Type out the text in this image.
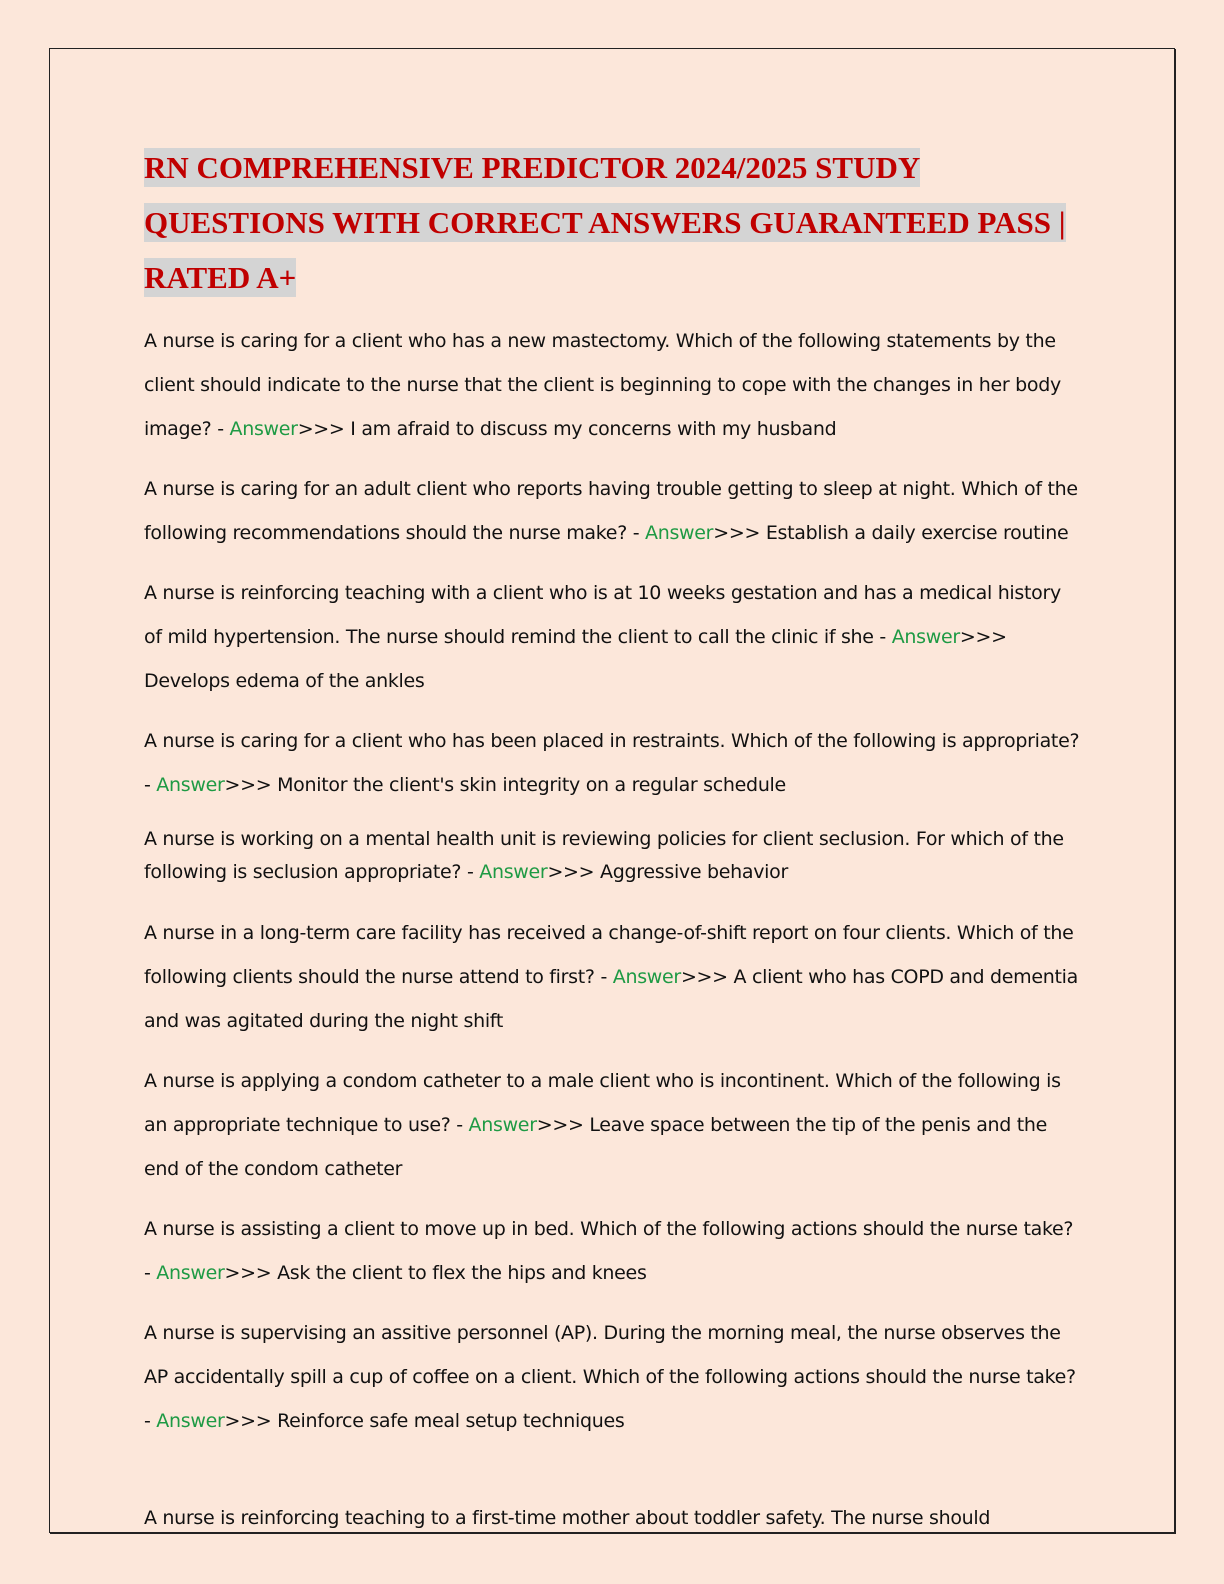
RN COMPREHENSIVE PREDICTOR 2024/2025 STUDY QUESTIONS WITH CORRECT ANSWERS GUARANTEED PASS | RATED A+

A nurse is caring for a client who has a new mastectomy. Which of the following statements by the client should indicate to the nurse that the client is beginning to cope with the changes in her body image? - Answer>>> I am afraid to discuss my concerns with my husband

A nurse is caring for an adult client who reports having trouble getting to sleep at night. Which of the following recommendations should the nurse make? - Answer>>> Establish a daily exercise routine

A nurse is reinforcing teaching with a client who is at 10 weeks gestation and has a medical history of mild hypertension. The nurse should remind the client to call the clinic if she - Answer>>> Develops edema of the ankles

A nurse is caring for a client who has been placed in restraints. Which of the following is appropriate? - Answer>>> Monitor the client's skin integrity on a regular schedule

A nurse is working on a mental health unit is reviewing policies for client seclusion. For which of the following is seclusion appropriate? - Answer>>> Aggressive behavior

A nurse in a long-term care facility has received a change-of-shift report on four clients. Which of the following clients should the nurse attend to first? - Answer>>> A client who has COPD and dementia and was agitated during the night shift

A nurse is applying a condom catheter to a male client who is incontinent. Which of the following is an appropriate technique to use? - Answer>>> Leave space between the tip of the penis and the end of the condom catheter

A nurse is assisting a client to move up in bed. Which of the following actions should the nurse take? - Answer>>> Ask the client to flex the hips and knees

A nurse is supervising an assitive personnel (AP). During the morning meal, the nurse observes the AP accidentally spill a cup of coffee on a client. Which of the following actions should the nurse take? - Answer>>> Reinforce safe meal setup techniques

A nurse is reinforcing teaching to a first-time mother about toddler safety. The nurse should
